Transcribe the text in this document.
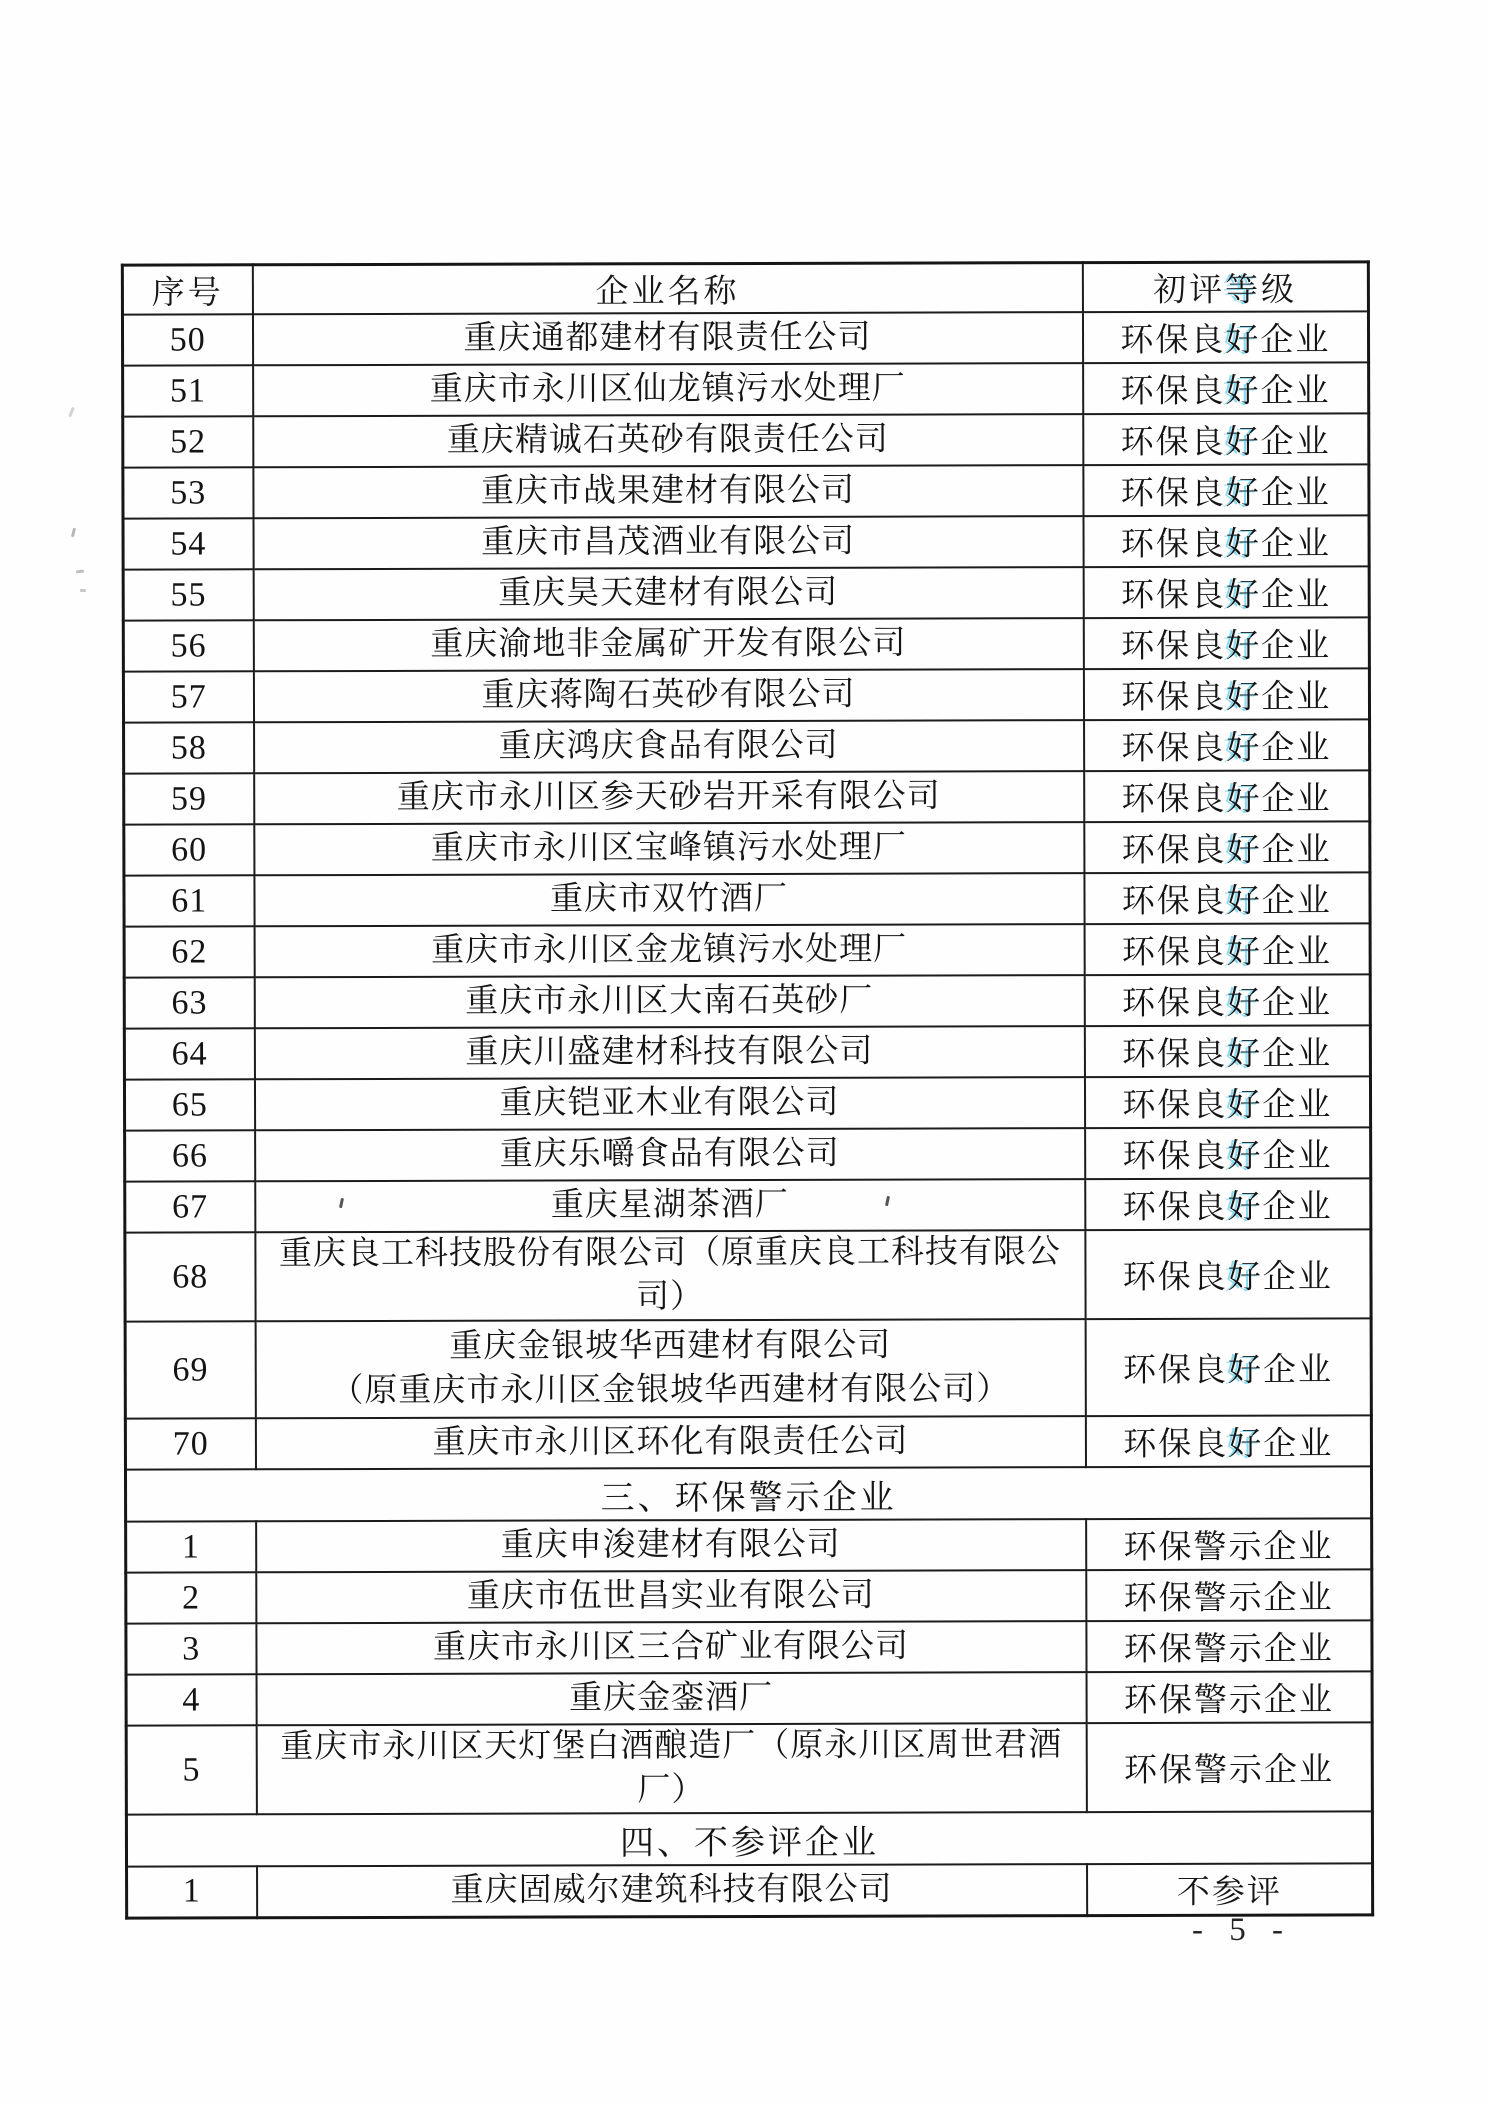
序号	企业名称	初评等级
50	重庆通都建材有限责任公司	环保良好企业
51	重庆市永川区仙龙镇污水处理厂	环保良好企业
52	重庆精诚石英砂有限责任公司	环保良好企业
53	重庆市战果建材有限公司	环保良好企业
54	重庆市昌茂酒业有限公司	环保良好企业
55	重庆昊天建材有限公司	环保良好企业
56	重庆渝地非金属矿开发有限公司	环保良好企业
57	重庆蒋陶石英砂有限公司	环保良好企业
58	重庆鸿庆食品有限公司	环保良好企业
59	重庆市永川区参天砂岩开采有限公司	环保良好企业
60	重庆市永川区宝峰镇污水处理厂	环保良好企业
61	重庆市双竹酒厂	环保良好企业
62	重庆市永川区金龙镇污水处理厂	环保良好企业
63	重庆市永川区大南石英砂厂	环保良好企业
64	重庆川盛建材科技有限公司	环保良好企业
65	重庆铠亚木业有限公司	环保良好企业
66	重庆乐嚼食品有限公司	环保良好企业
67	重庆星湖茶酒厂	环保良好企业
68	重庆良工科技股份有限公司（原重庆良工科技有限公司）	环保良好企业
69	重庆金银坡华西建材有限公司
（原重庆市永川区金银坡华西建材有限公司）	环保良好企业
70	重庆市永川区环化有限责任公司	环保良好企业
三、环保警示企业		
1	重庆申浚建材有限公司	环保警示企业
2	重庆市伍世昌实业有限公司	环保警示企业
3	重庆市永川区三合矿业有限公司	环保警示企业
4	重庆金銮酒厂	环保警示企业
5	重庆市永川区天灯堡白酒酿造厂（原永川区周世君酒厂）	环保警示企业
四、不参评企业		
1	重庆固威尔建筑科技有限公司	不参评
- 5 -
